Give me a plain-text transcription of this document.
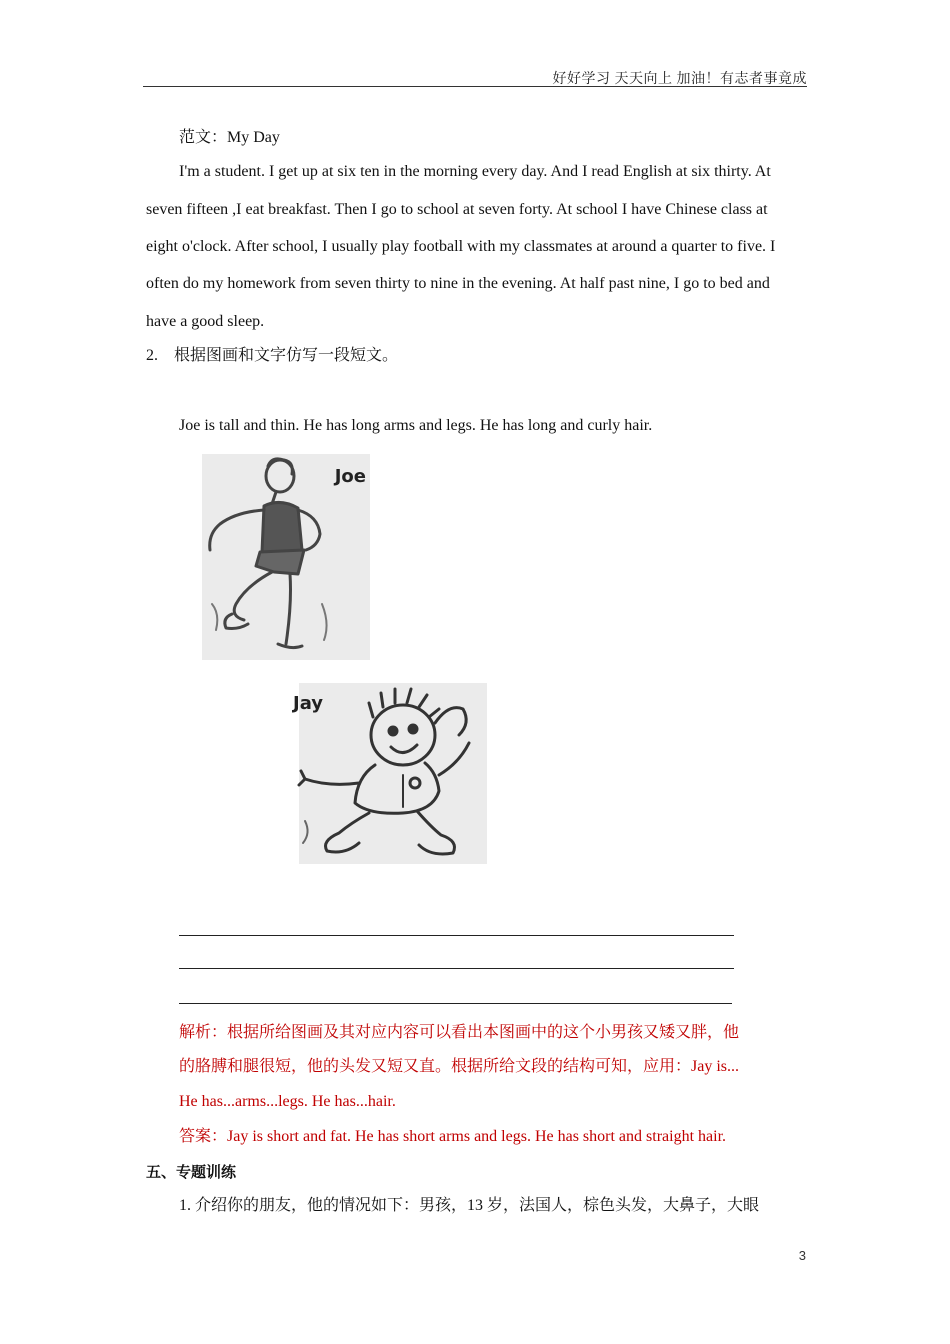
好好学习 天天向上 加油！有志者事竟成
范文：My Day
I'm a student. I get up at six ten in the morning every day. And I read English at six thirty. At
seven fifteen ,I eat breakfast. Then I go to school at seven forty. At school I have Chinese class at
eight o'clock. After school, I usually play football with my classmates at around a quarter to five. I
often do my homework from seven thirty to nine in the evening. At half past nine, I go to bed and
have a good sleep.
2. 根据图画和文字仿写一段短文。
Joe is tall and thin. He has long arms and legs. He has long and curly hair.
Joe
Jay
解析：根据所给图画及其对应内容可以看出本图画中的这个小男孩又矮又胖，他
的胳膊和腿很短，他的头发又短又直。根据所给文段的结构可知，应用：Jay is...
He has...arms...legs. He has...hair.
答案：Jay is short and fat. He has short arms and legs. He has short and straight hair.
五、专题训练
1. 介绍你的朋友，他的情况如下：男孩，13 岁，法国人，棕色头发，大鼻子，大眼
3
